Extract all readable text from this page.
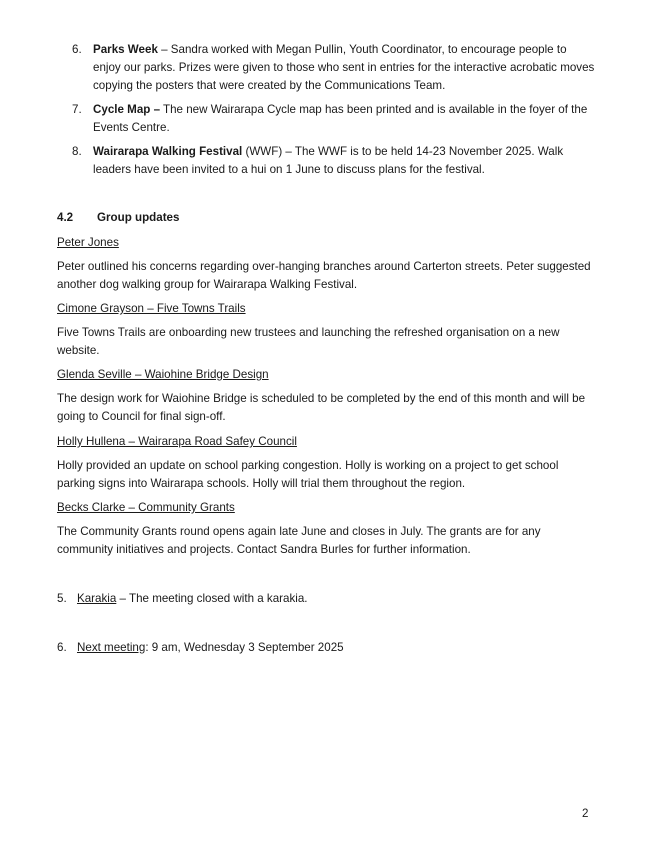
6. Parks Week – Sandra worked with Megan Pullin, Youth Coordinator, to encourage people to enjoy our parks. Prizes were given to those who sent in entries for the interactive acrobatic moves copying the posters that were created by the Communications Team.
7. Cycle Map – The new Wairarapa Cycle map has been printed and is available in the foyer of the Events Centre.
8. Wairarapa Walking Festival (WWF) – The WWF is to be held 14-23 November 2025. Walk leaders have been invited to a hui on 1 June to discuss plans for the festival.
4.2 Group updates
Peter Jones
Peter outlined his concerns regarding over-hanging branches around Carterton streets. Peter suggested another dog walking group for Wairarapa Walking Festival.
Cimone Grayson – Five Towns Trails
Five Towns Trails are onboarding new trustees and launching the refreshed organisation on a new website.
Glenda Seville – Waiohine Bridge Design
The design work for Waiohine Bridge is scheduled to be completed by the end of this month and will be going to Council for final sign-off.
Holly Hullena – Wairarapa Road Safey Council
Holly provided an update on school parking congestion. Holly is working on a project to get school parking signs into Wairarapa schools. Holly will trial them throughout the region.
Becks Clarke – Community Grants
The Community Grants round opens again late June and closes in July. The grants are for any community initiatives and projects. Contact Sandra Burles for further information.
5. Karakia – The meeting closed with a karakia.
6. Next meeting: 9 am, Wednesday 3 September 2025
2
